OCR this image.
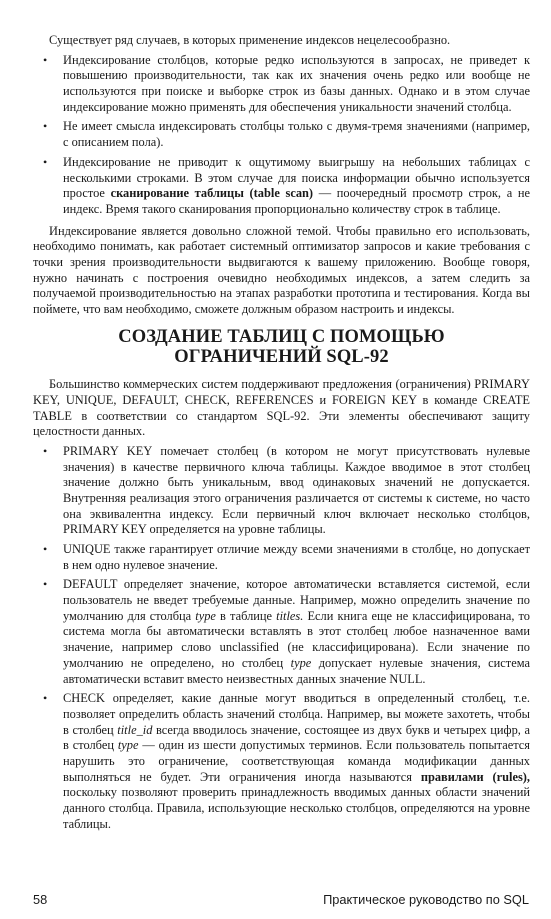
Существует ряд случаев, в которых применение индексов нецелесообразно.

• Индексирование столбцов, которые редко используются в запросах, не приведет к повышению производительности, так как их значения очень редко или вообще не используются при поиске и выборке строк из базы данных. Однако и в этом случае индексирование можно применять для обеспечения уникальности значений столбца.
• Не имеет смысла индексировать столбцы только с двумя-тремя значениями (например, с описанием пола).
• Индексирование не приводит к ощутимому выигрышу на небольших таблицах с несколькими строками. В этом случае для поиска информации обычно используется простое сканирование таблицы (table scan) — поочередный просмотр строк, а не индекс. Время такого сканирования пропорционально количеству строк в таблице.

Индексирование является довольно сложной темой. Чтобы правильно его использовать, необходимо понимать, как работает системный оптимизатор запросов и какие требования с точки зрения производительности выдвигаются к вашему приложению. Вообще говоря, нужно начинать с построения очевидно необходимых индексов, а затем следить за получаемой производительностью на этапах разработки прототипа и тестирования. Когда вы поймете, что вам необходимо, сможете должным образом настроить и индексы.

СОЗДАНИЕ ТАБЛИЦ С ПОМОЩЬЮ
ОГРАНИЧЕНИЙ SQL-92

Большинство коммерческих систем поддерживают предложения (ограничения) PRIMARY KEY, UNIQUE, DEFAULT, CHECK, REFERENCES и FOREIGN KEY в команде CREATE TABLE в соответствии со стандартом SQL-92. Эти элементы обеспечивают защиту целостности данных.

• PRIMARY KEY помечает столбец (в котором не могут присутствовать нулевые значения) в качестве первичного ключа таблицы. Каждое вводимое в этот столбец значение должно быть уникальным, ввод одинаковых значений не допускается. Внутренняя реализация этого ограничения различается от системы к системе, но часто она эквивалентна индексу. Если первичный ключ включает несколько столбцов, PRIMARY KEY определяется на уровне таблицы.
• UNIQUE также гарантирует отличие между всеми значениями в столбце, но допускает в нем одно нулевое значение.
• DEFAULT определяет значение, которое автоматически вставляется системой, если пользователь не введет требуемые данные. Например, можно определить значение по умолчанию для столбца type в таблице titles. Если книга еще не классифицирована, то система могла бы автоматически вставлять в этот столбец любое назначенное вами значение, например слово unclassified (не классифицирована). Если значение по умолчанию не определено, но столбец type допускает нулевые значения, система автоматически вставит вместо неизвестных данных значение NULL.
• CHECK определяет, какие данные могут вводиться в определенный столбец, т.е. позволяет определить область значений столбца. Например, вы можете захотеть, чтобы в столбец title_id всегда вводилось значение, состоящее из двух букв и четырех цифр, а в столбец type — один из шести допустимых терминов. Если пользователь попытается нарушить это ограничение, соответствующая команда модификации данных выполняться не будет. Эти ограничения иногда называются правилами (rules), поскольку позволяют проверить принадлежность вводимых данных области значений данного столбца. Правила, использующие несколько столбцов, определяются на уровне таблицы.
58	Практическое руководство по SQL
